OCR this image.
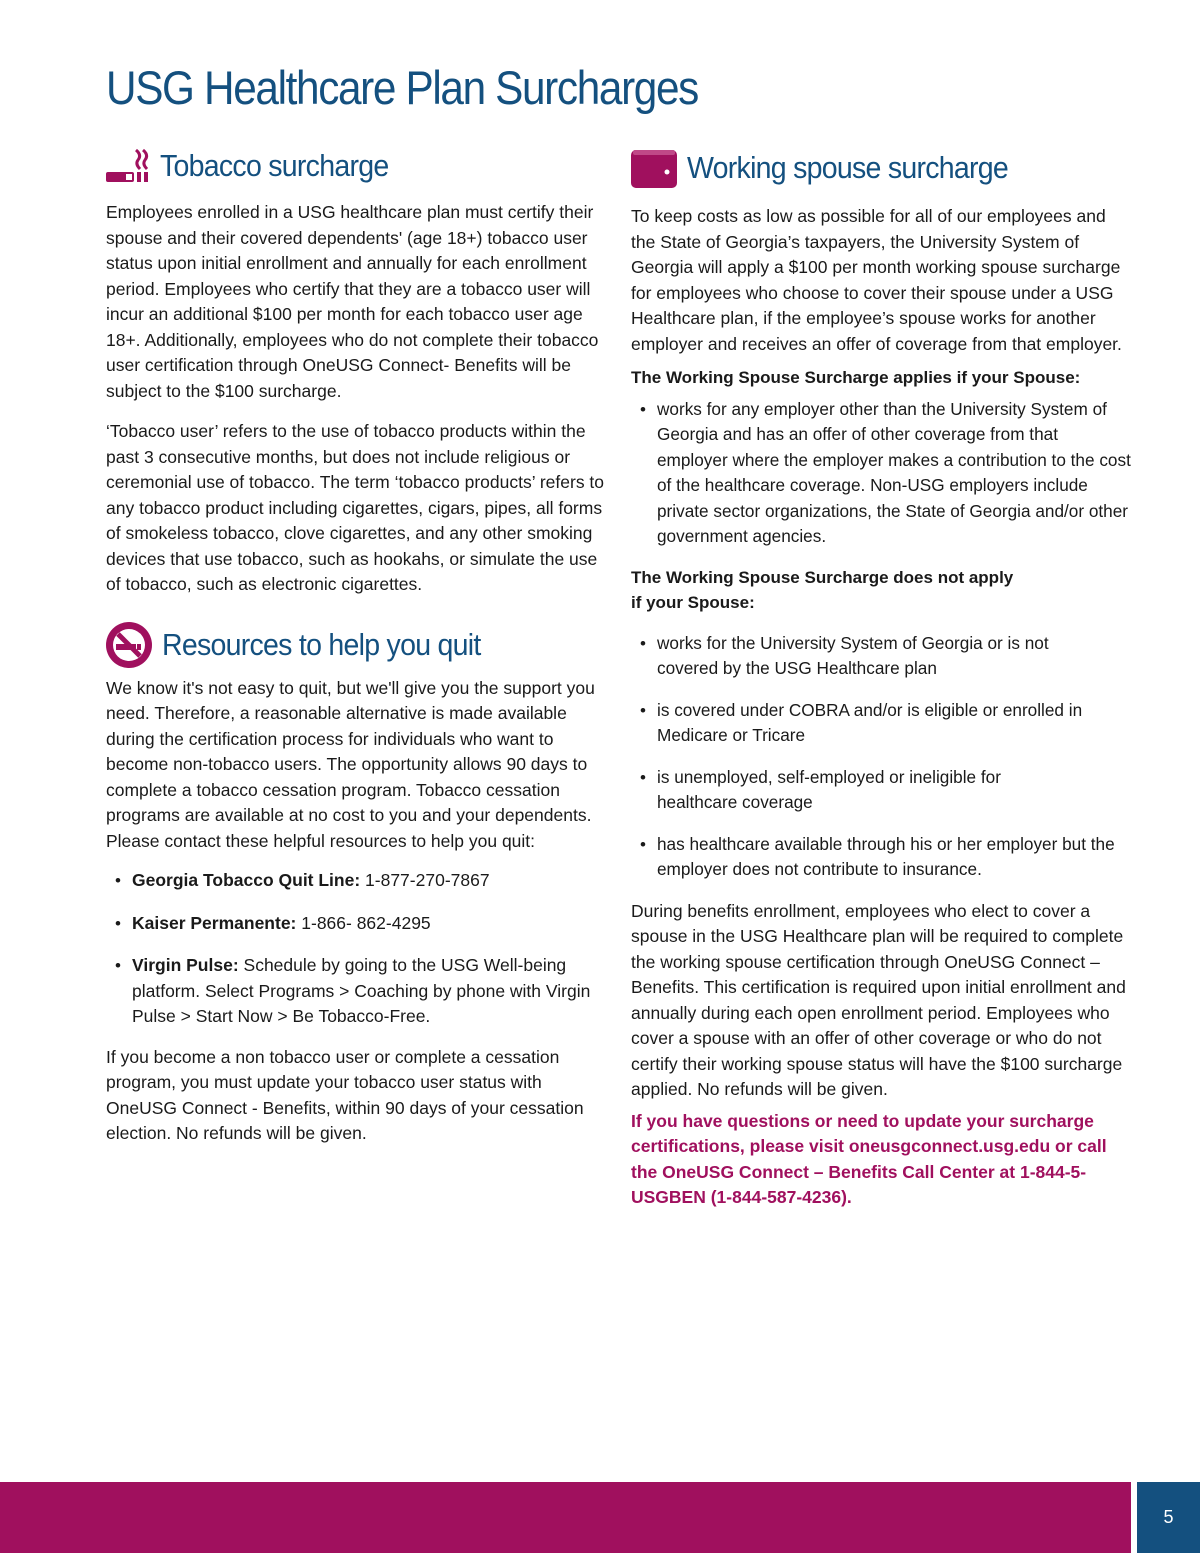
USG Healthcare Plan Surcharges
Tobacco surcharge

Employees enrolled in a USG healthcare plan must certify their spouse and their covered dependents' (age 18+) tobacco user status upon initial enrollment and annually for each enrollment period. Employees who certify that they are a tobacco user will incur an additional $100 per month for each tobacco user age 18+. Additionally, employees who do not complete their tobacco user certification through OneUSG Connect- Benefits will be subject to the $100 surcharge.

‘Tobacco user’ refers to the use of tobacco products within the past 3 consecutive months, but does not include religious or ceremonial use of tobacco. The term ‘tobacco products’ refers to any tobacco product including cigarettes, cigars, pipes, all forms of smokeless tobacco, clove cigarettes, and any other smoking devices that use tobacco, such as hookahs, or simulate the use of tobacco, such as electronic cigarettes.

Resources to help you quit

We know it's not easy to quit, but we'll give you the support you need. Therefore, a reasonable alternative is made available during the certification process for individuals who want to become non-tobacco users. The opportunity allows 90 days to complete a tobacco cessation program. Tobacco cessation programs are available at no cost to you and your dependents. Please contact these helpful resources to help you quit:

• Georgia Tobacco Quit Line: 1-877-270-7867
• Kaiser Permanente: 1-866- 862-4295
• Virgin Pulse: Schedule by going to the USG Well-being platform. Select Programs > Coaching by phone with Virgin Pulse > Start Now > Be Tobacco-Free.

If you become a non tobacco user or complete a cessation program, you must update your tobacco user status with OneUSG Connect - Benefits, within 90 days of your cessation election. No refunds will be given.

Working spouse surcharge

To keep costs as low as possible for all of our employees and the State of Georgia’s taxpayers, the University System of Georgia will apply a $100 per month working spouse surcharge for employees who choose to cover their spouse under a USG Healthcare plan, if the employee’s spouse works for another employer and receives an offer of coverage from that employer.

The Working Spouse Surcharge applies if your Spouse:

• works for any employer other than the University System of Georgia and has an offer of other coverage from that employer where the employer makes a contribution to the cost of the healthcare coverage. Non-USG employers include private sector organizations, the State of Georgia and/or other government agencies.

The Working Spouse Surcharge does not apply
if your Spouse:

• works for the University System of Georgia or is not covered by the USG Healthcare plan
• is covered under COBRA and/or is eligible or enrolled in Medicare or Tricare
• is unemployed, self-employed or ineligible for healthcare coverage
• has healthcare available through his or her employer but the employer does not contribute to insurance.

During benefits enrollment, employees who elect to cover a spouse in the USG Healthcare plan will be required to complete the working spouse certification through OneUSG Connect – Benefits. This certification is required upon initial enrollment and annually during each open enrollment period. Employees who cover a spouse with an offer of other coverage or who do not certify their working spouse status will have the $100 surcharge applied. No refunds will be given.

If you have questions or need to update your surcharge certifications, please visit oneusgconnect.usg.edu or call the OneUSG Connect – Benefits Call Center at 1-844-5-USGBEN (1-844-587-4236).

5
